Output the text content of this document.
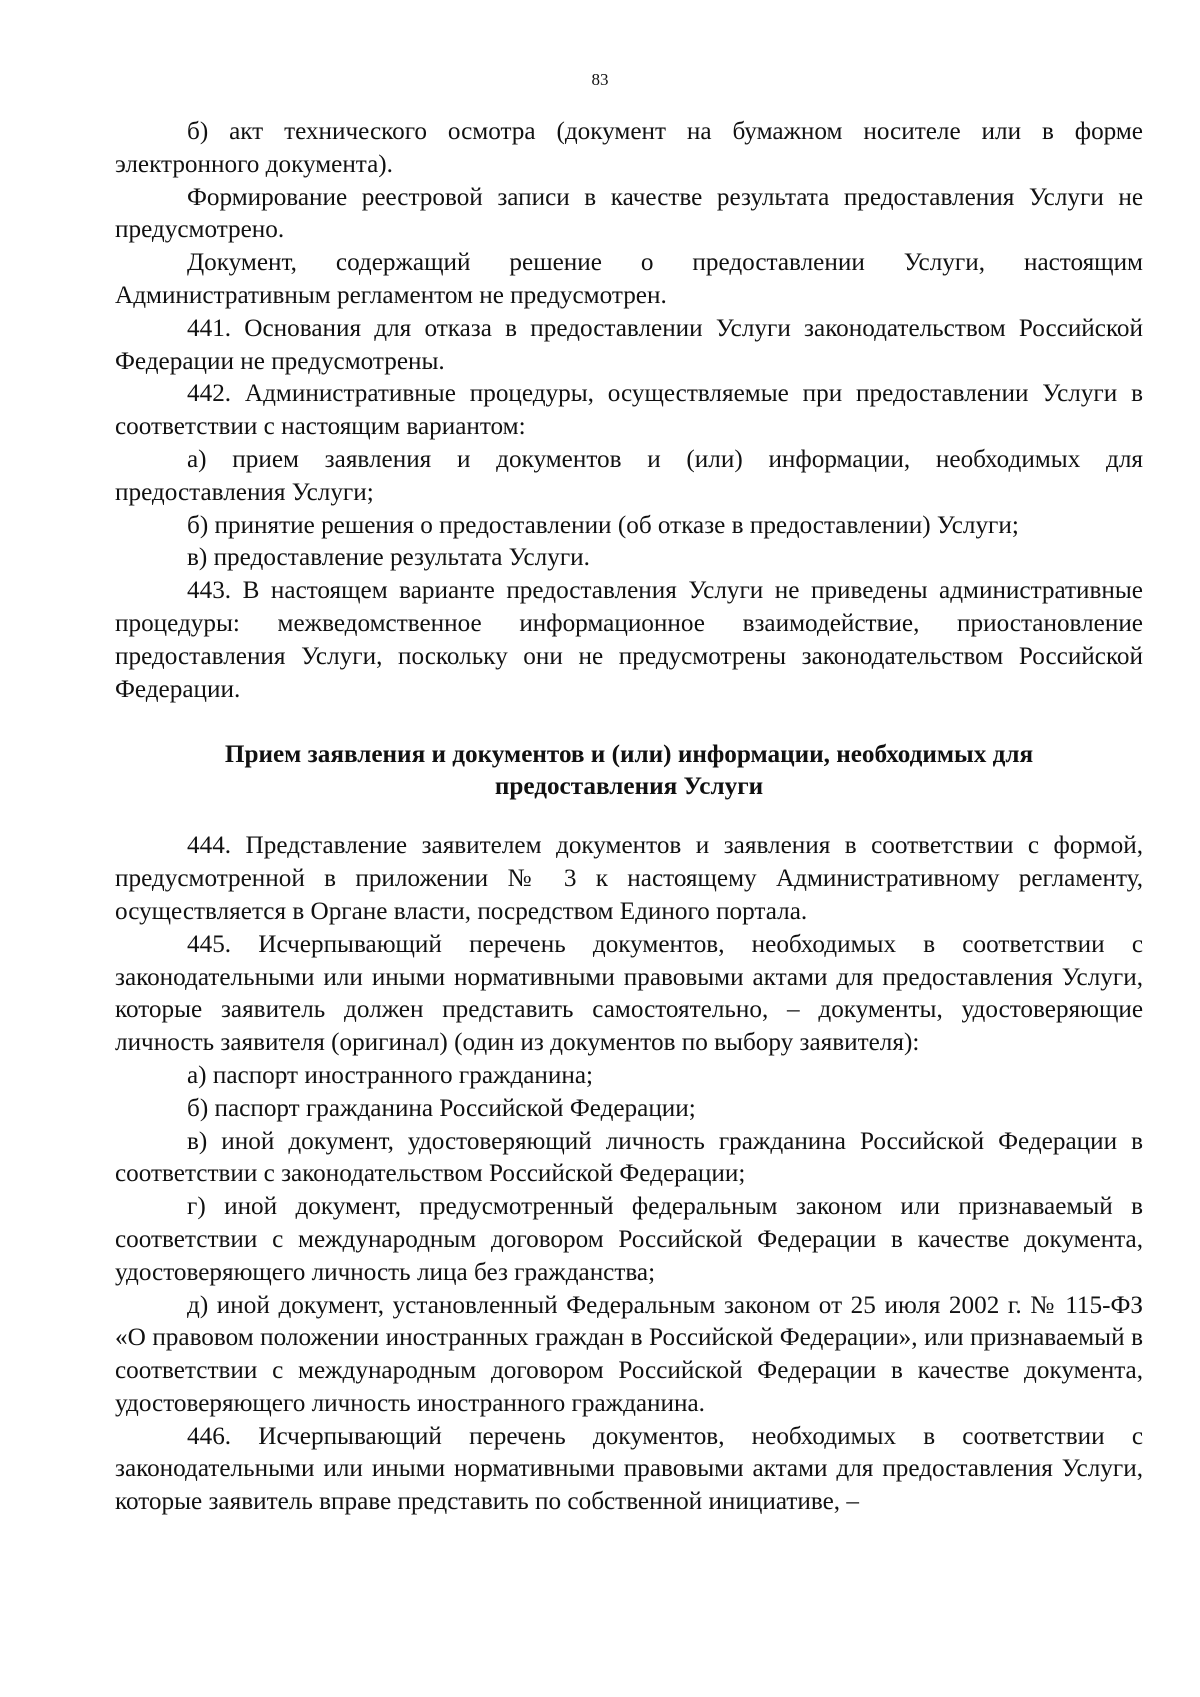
83

б) акт технического осмотра (документ на бумажном носителе или в форме электронного документа).

Формирование реестровой записи в качестве результата предоставления Услуги не предусмотрено.

Документ, содержащий решение о предоставлении Услуги, настоящим Административным регламентом не предусмотрен.

441. Основания для отказа в предоставлении Услуги законодательством Российской Федерации не предусмотрены.

442. Административные процедуры, осуществляемые при предоставлении Услуги в соответствии с настоящим вариантом:

а) прием заявления и документов и (или) информации, необходимых для предоставления Услуги;

б) принятие решения о предоставлении (об отказе в предоставлении) Услуги;

в) предоставление результата Услуги.

443. В настоящем варианте предоставления Услуги не приведены административные процедуры: межведомственное информационное взаимодействие, приостановление предоставления Услуги, поскольку они не предусмотрены законодательством Российской Федерации.

Прием заявления и документов и (или) информации, необходимых для предоставления Услуги

444. Представление заявителем документов и заявления в соответствии с формой, предусмотренной в приложении № 3 к настоящему Административному регламенту, осуществляется в Органе власти, посредством Единого портала.

445. Исчерпывающий перечень документов, необходимых в соответствии с законодательными или иными нормативными правовыми актами для предоставления Услуги, которые заявитель должен представить самостоятельно, – документы, удостоверяющие личность заявителя (оригинал) (один из документов по выбору заявителя):

а) паспорт иностранного гражданина;

б) паспорт гражданина Российской Федерации;

в) иной документ, удостоверяющий личность гражданина Российской Федерации в соответствии с законодательством Российской Федерации;

г) иной документ, предусмотренный федеральным законом или признаваемый в соответствии с международным договором Российской Федерации в качестве документа, удостоверяющего личность лица без гражданства;

д) иной документ, установленный Федеральным законом от 25 июля 2002 г. № 115-ФЗ «О правовом положении иностранных граждан в Российской Федерации», или признаваемый в соответствии с международным договором Российской Федерации в качестве документа, удостоверяющего личность иностранного гражданина.

446. Исчерпывающий перечень документов, необходимых в соответствии с законодательными или иными нормативными правовыми актами для предоставления Услуги, которые заявитель вправе представить по собственной инициативе, –
